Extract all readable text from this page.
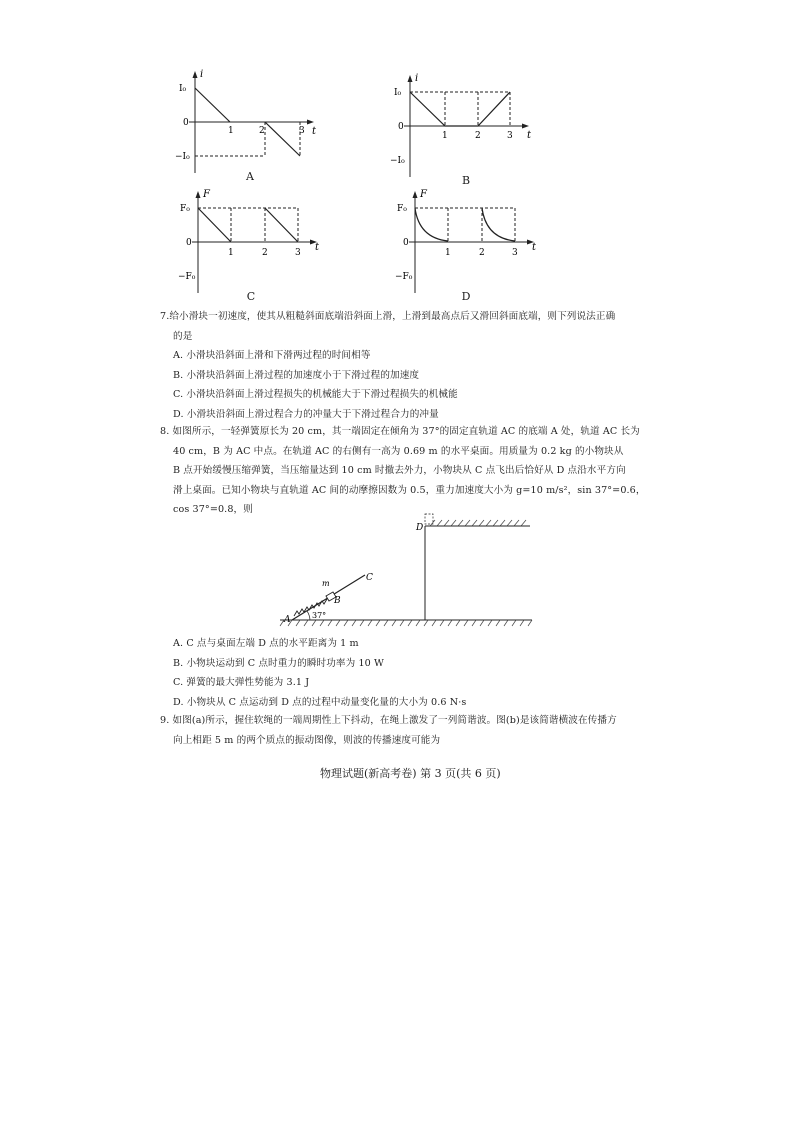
i
t
I₀
0
−I₀
1	2	3
A
i
t
I₀
0
−I₀
1	2	3
B
F
t
F₀
0
−F₀
1	2	3
C
F
t
F₀
0
−F₀
1	2	3
D

7.给小滑块一初速度，使其从粗糙斜面底端沿斜面上滑，上滑到最高点后又滑回斜面底端，则下列说法正确

的是

A. 小滑块沿斜面上滑和下滑两过程的时间相等

B. 小滑块沿斜面上滑过程的加速度小于下滑过程的加速度

C. 小滑块沿斜面上滑过程损失的机械能大于下滑过程损失的机械能

D. 小滑块沿斜面上滑过程合力的冲量大于下滑过程合力的冲量

8. 如图所示，一轻弹簧原长为 20 cm，其一端固定在倾角为 37°的固定直轨道 AC 的底端 A 处，轨道 AC 长为

40 cm，B 为 AC 中点。在轨道 AC 的右侧有一高为 0.69 m 的水平桌面。用质量为 0.2 kg 的小物块从

B 点开始缓慢压缩弹簧，当压缩量达到 10 cm 时撤去外力，小物块从 C 点飞出后恰好从 D 点沿水平方向

滑上桌面。已知小物块与直轨道 AC 间的动摩擦因数为 0.5，重力加速度大小为 g=10 m/s²，sin 37°=0.6，

cos 37°=0.8，则

A
B
C
D
m
37°

A. C 点与桌面左端 D 点的水平距离为 1 m

B. 小物块运动到 C 点时重力的瞬时功率为 10 W

C. 弹簧的最大弹性势能为 3.1 J

D. 小物块从 C 点运动到 D 点的过程中动量变化量的大小为 0.6 N·s

9. 如图(a)所示，握住软绳的一端周期性上下抖动，在绳上激发了一列简谐波。图(b)是该简谐横波在传播方

向上相距 5 m 的两个质点的振动图像，则波的传播速度可能为

物理试题(新高考卷) 第 3 页(共 6 页)
